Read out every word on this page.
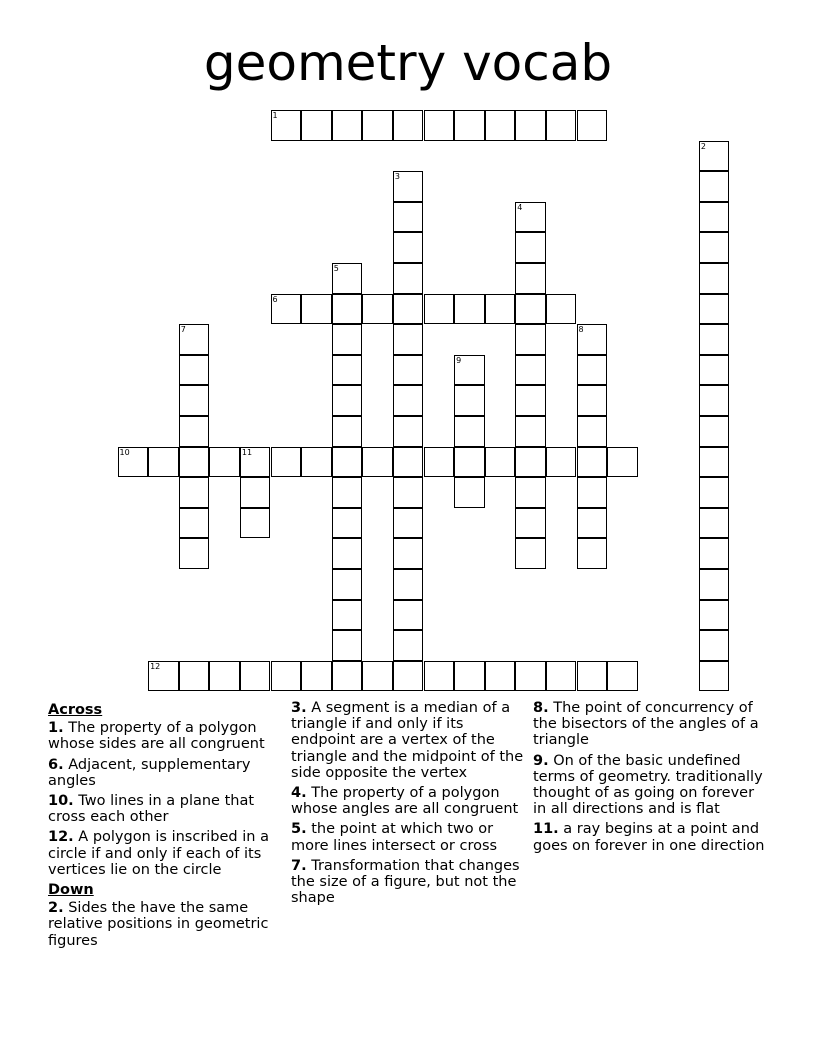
geometry vocab
1
2
3
4
5
6
7	8
9
10	11
12
Across
1. The property of a polygon whose sides are all congruent
6. Adjacent, supplementary angles
10. Two lines in a plane that cross each other
12. A polygon is inscribed in a circle if and only if each of its vertices lie on the circle
Down
2. Sides the have the same relative positions in geometric figures
3. A segment is a median of a triangle if and only if its endpoint are a vertex of the triangle and the midpoint of the side opposite the vertex
4. The property of a polygon whose angles are all congruent
5. the point at which two or more lines intersect or cross
7. Transformation that changes the size of a figure, but not the shape
8. The point of concurrency of the bisectors of the angles of a triangle
9. On of the basic undefined terms of geometry. traditionally thought of as going on forever in all directions and is flat
11. a ray begins at a point and goes on forever in one direction
